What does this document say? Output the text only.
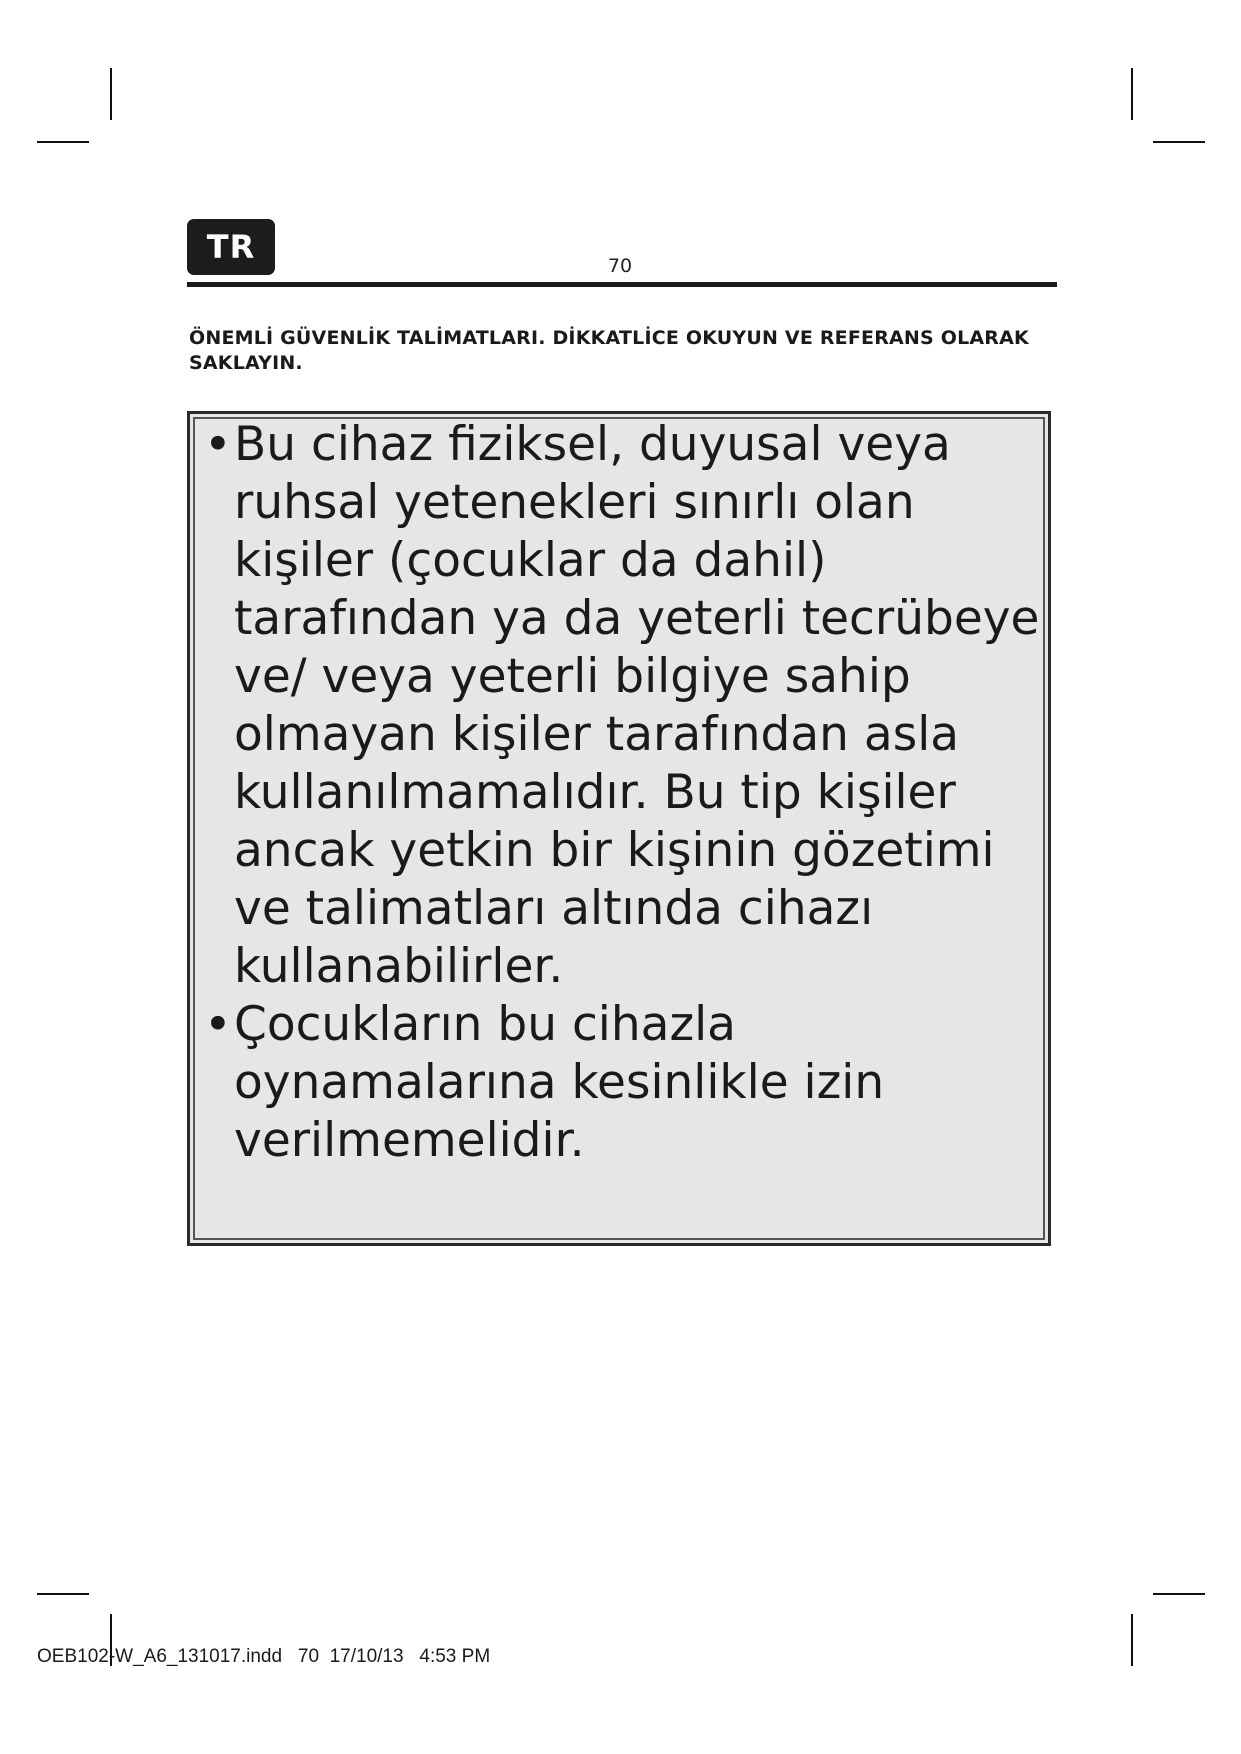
TR	70
ÖNEMLİ GÜVENLİK TALİMATLARI. DİKKATLİCE OKUYUN VE REFERANS OLARAK SAKLAYIN.
• Bu cihaz fiziksel, duyusal veya ruhsal yetenekleri sınırlı olan kişiler (çocuklar da dahil) tarafından ya da yeterli tecrübeye ve/ veya yeterli bilgiye sahip olmayan kişiler tarafından asla kullanılmamalıdır. Bu tip kişiler ancak yetkin bir kişinin gözetimi ve talimatları altında cihazı kullanabilirler.
• Çocukların bu cihazla oynamalarına kesinlikle izin verilmemelidir.
OEB102-W_A6_131017.indd   70  17/10/13   4:53 PM
